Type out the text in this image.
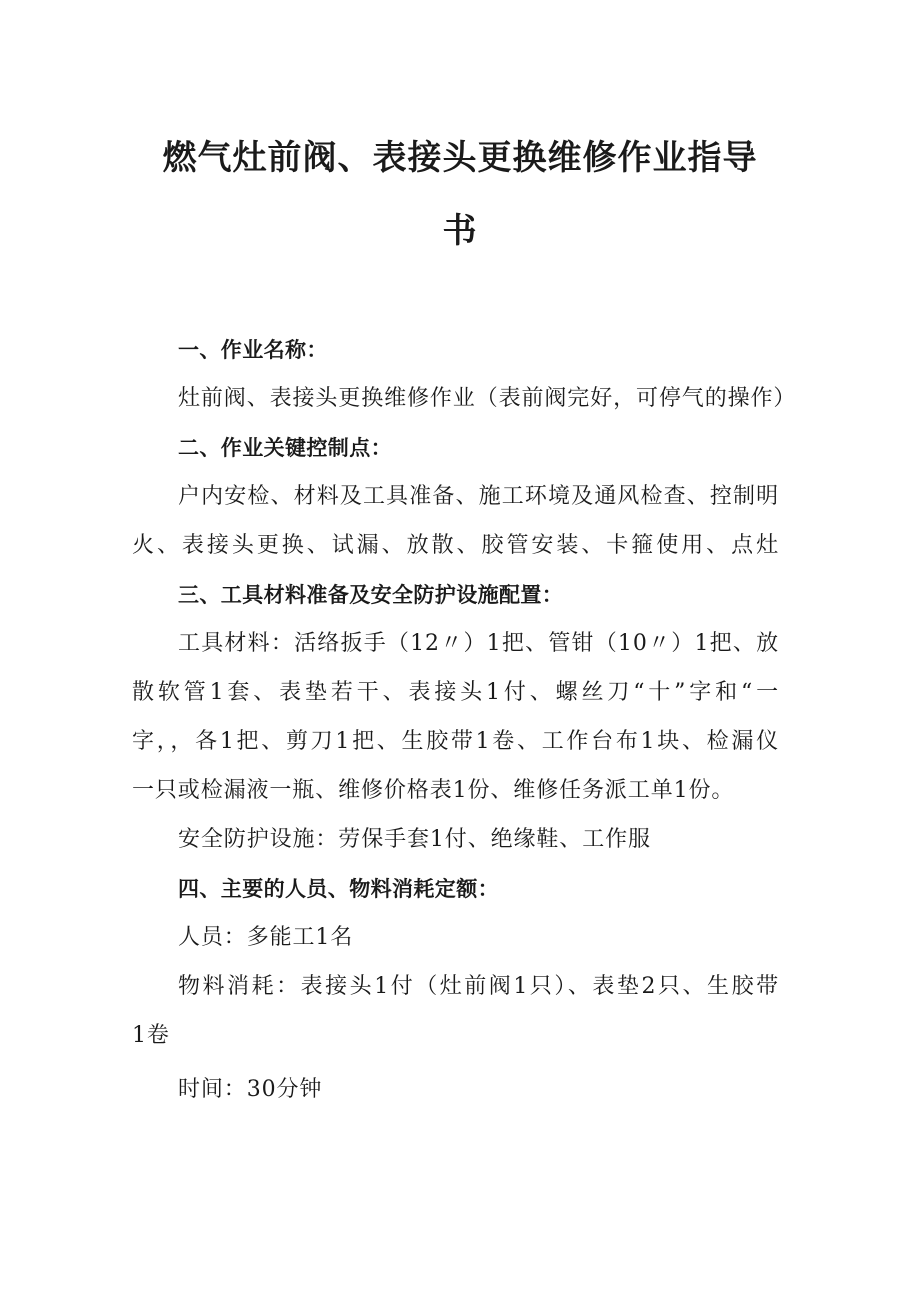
燃气灶前阀、表接头更换维修作业指导
书
一、作业名称：
灶前阀、表接头更换维修作业（表前阀完好，可停气的操作）
二、作业关键控制点：
户内安检、材料及工具准备、施工环境及通风检查、控制明
火、表接头更换、试漏、放散、胶管安装、卡箍使用、点灶
三、工具材料准备及安全防护设施配置：
工具材料：活络扳手（12〃）1把、管钳（10〃）1把、放
散软管1套、表垫若干、表接头1付、螺丝刀“十”字和“一
字，，各1把、剪刀1把、生胶带1卷、工作台布1块、检漏仪
一只或检漏液一瓶、维修价格表1份、维修任务派工单1份。
安全防护设施：劳保手套1付、绝缘鞋、工作服
四、主要的人员、物料消耗定额：
人员：多能工1名
物料消耗：表接头1付（灶前阀1只）、表垫2只、生胶带
1卷
时间：30分钟
